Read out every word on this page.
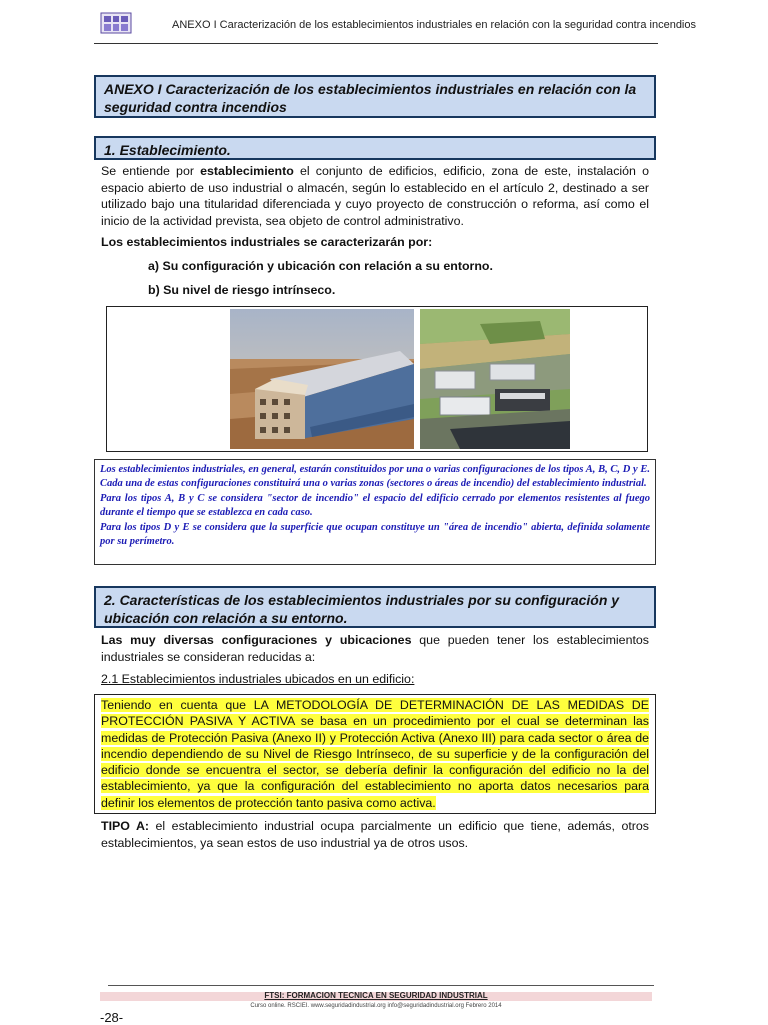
ANEXO I Caracterización de los establecimientos industriales en relación con la seguridad contra incendios
ANEXO I Caracterización de los establecimientos industriales en relación con la seguridad contra incendios
1. Establecimiento.
Se entiende por establecimiento el conjunto de edificios, edificio, zona de este, instalación o espacio abierto de uso industrial o almacén, según lo establecido en el artículo 2, destinado a ser utilizado bajo una titularidad diferenciada y cuyo proyecto de construcción o reforma, así como el inicio de la actividad prevista, sea objeto de control administrativo.
Los establecimientos industriales se caracterizarán por:
a) Su configuración y ubicación con relación a su entorno.
b) Su nivel de riesgo intrínseco.

Los establecimientos industriales, en general, estarán constituidos por una o varias configuraciones de los tipos A, B, C, D y E. Cada una de estas configuraciones constituirá una o varias zonas (sectores o áreas de incendio) del establecimiento industrial.

Para los tipos A, B y C se considera "sector de incendio" el espacio del edificio cerrado por elementos resistentes al fuego durante el tiempo que se establezca en cada caso.

Para los tipos D y E se considera que la superficie que ocupan constituye un "área de incendio" abierta, definida solamente por su perímetro.

2. Características de los establecimientos industriales por su configuración y ubicación con relación a su entorno.
Las muy diversas configuraciones y ubicaciones que pueden tener los establecimientos industriales se consideran reducidas a:
2.1 Establecimientos industriales ubicados en un edificio:
Teniendo en cuenta que LA METODOLOGÍA DE DETERMINACIÓN DE LAS MEDIDAS DE PROTECCIÓN PASIVA Y ACTIVA se basa en un procedimiento por el cual se determinan las medidas de Protección Pasiva (Anexo II) y Protección Activa (Anexo III) para cada sector o área de incendio dependiendo de su Nivel de Riesgo Intrínseco, de su superficie y de la configuración del edificio donde se encuentra el sector, se debería definir la configuración del edificio no la del establecimiento, ya que la configuración del establecimiento no aporta datos necesarios para definir los elementos de protección tanto pasiva como activa.
TIPO A: el establecimiento industrial ocupa parcialmente un edificio que tiene, además, otros establecimientos, ya sean estos de uso industrial ya de otros usos.
FTSI: FORMACION TECNICA EN SEGURIDAD INDUSTRIAL
Curso online. RSCIEI. www.seguridadindustrial.org info@seguridadindustrial.org Febrero 2014
-28-
